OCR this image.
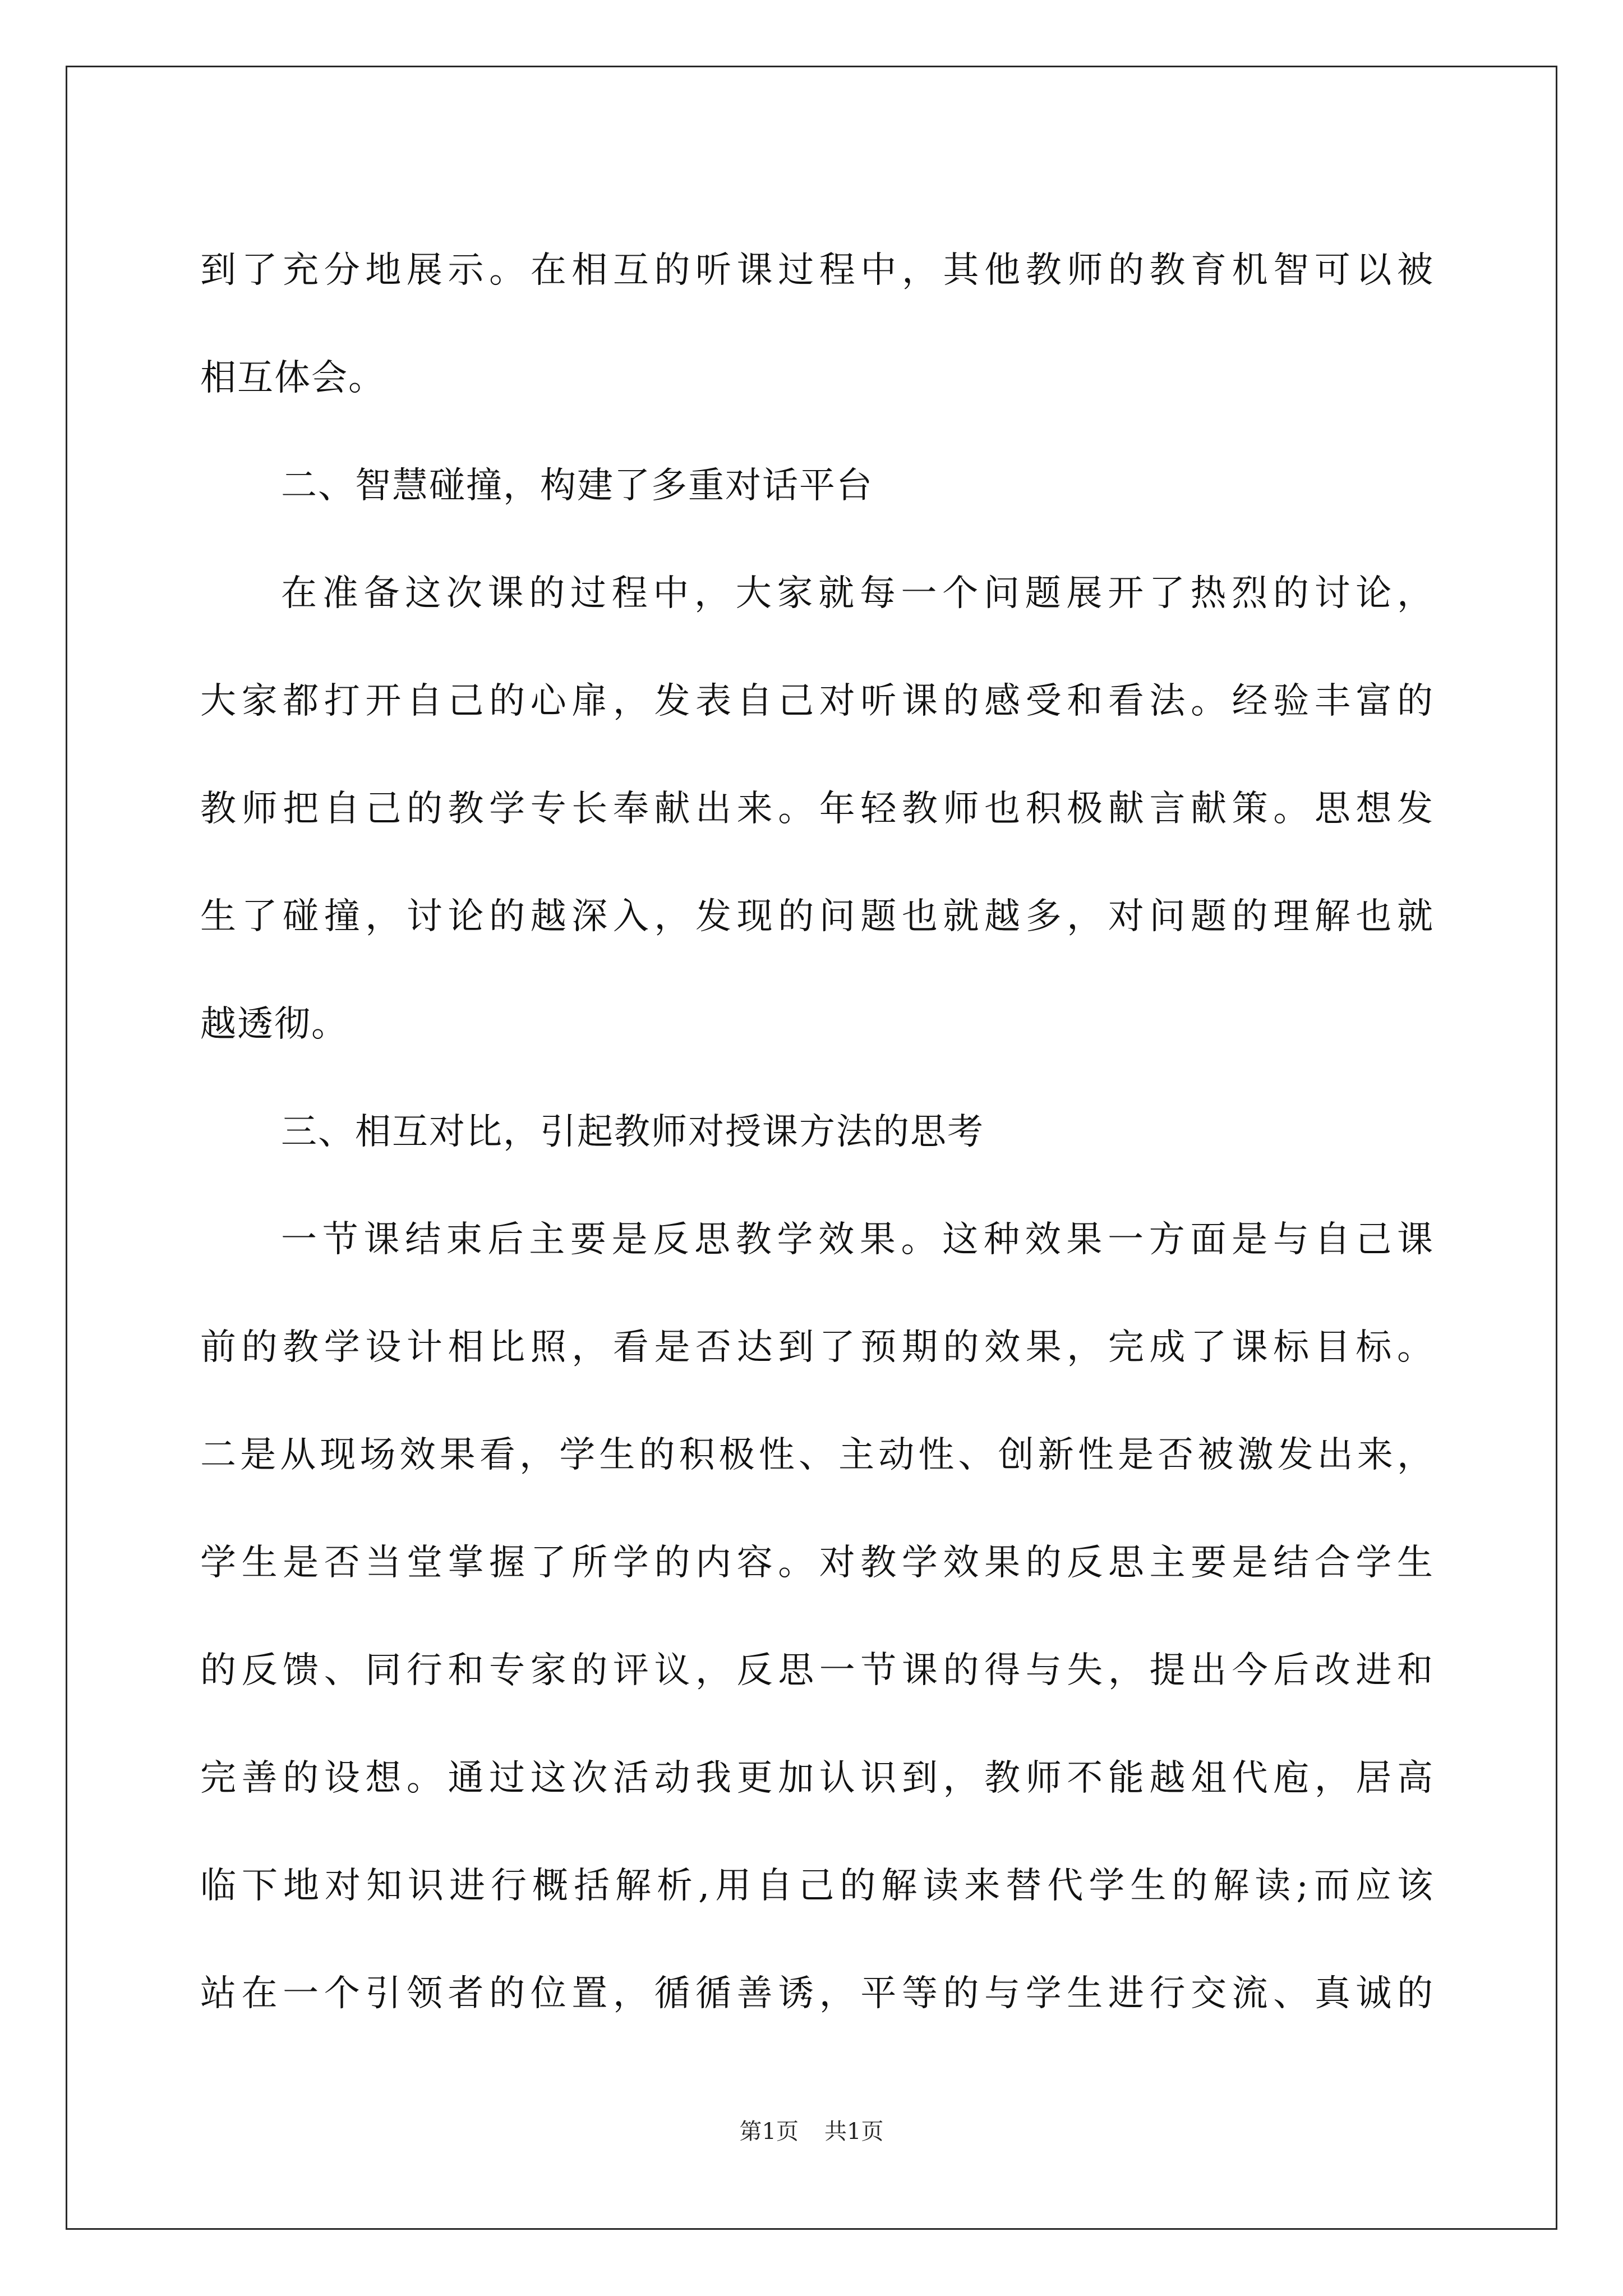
到了充分地展示。在相互的听课过程中，其他教师的教育机智可以被
相互体会。
二、智慧碰撞，构建了多重对话平台
在准备这次课的过程中，大家就每一个问题展开了热烈的讨论，
大家都打开自己的心扉，发表自己对听课的感受和看法。经验丰富的
教师把自己的教学专长奉献出来。年轻教师也积极献言献策。思想发
生了碰撞，讨论的越深入，发现的问题也就越多，对问题的理解也就
越透彻。
三、相互对比，引起教师对授课方法的思考
一节课结束后主要是反思教学效果。这种效果一方面是与自己课
前的教学设计相比照，看是否达到了预期的效果，完成了课标目标。
二是从现场效果看，学生的积极性、主动性、创新性是否被激发出来，
学生是否当堂掌握了所学的内容。对教学效果的反思主要是结合学生
的反馈、同行和专家的评议，反思一节课的得与失，提出今后改进和
完善的设想。通过这次活动我更加认识到，教师不能越俎代庖，居高
临下地对知识进行概括解析,用自己的解读来替代学生的解读;而应该
站在一个引领者的位置，循循善诱，平等的与学生进行交流、真诚的
第1页 共1页
